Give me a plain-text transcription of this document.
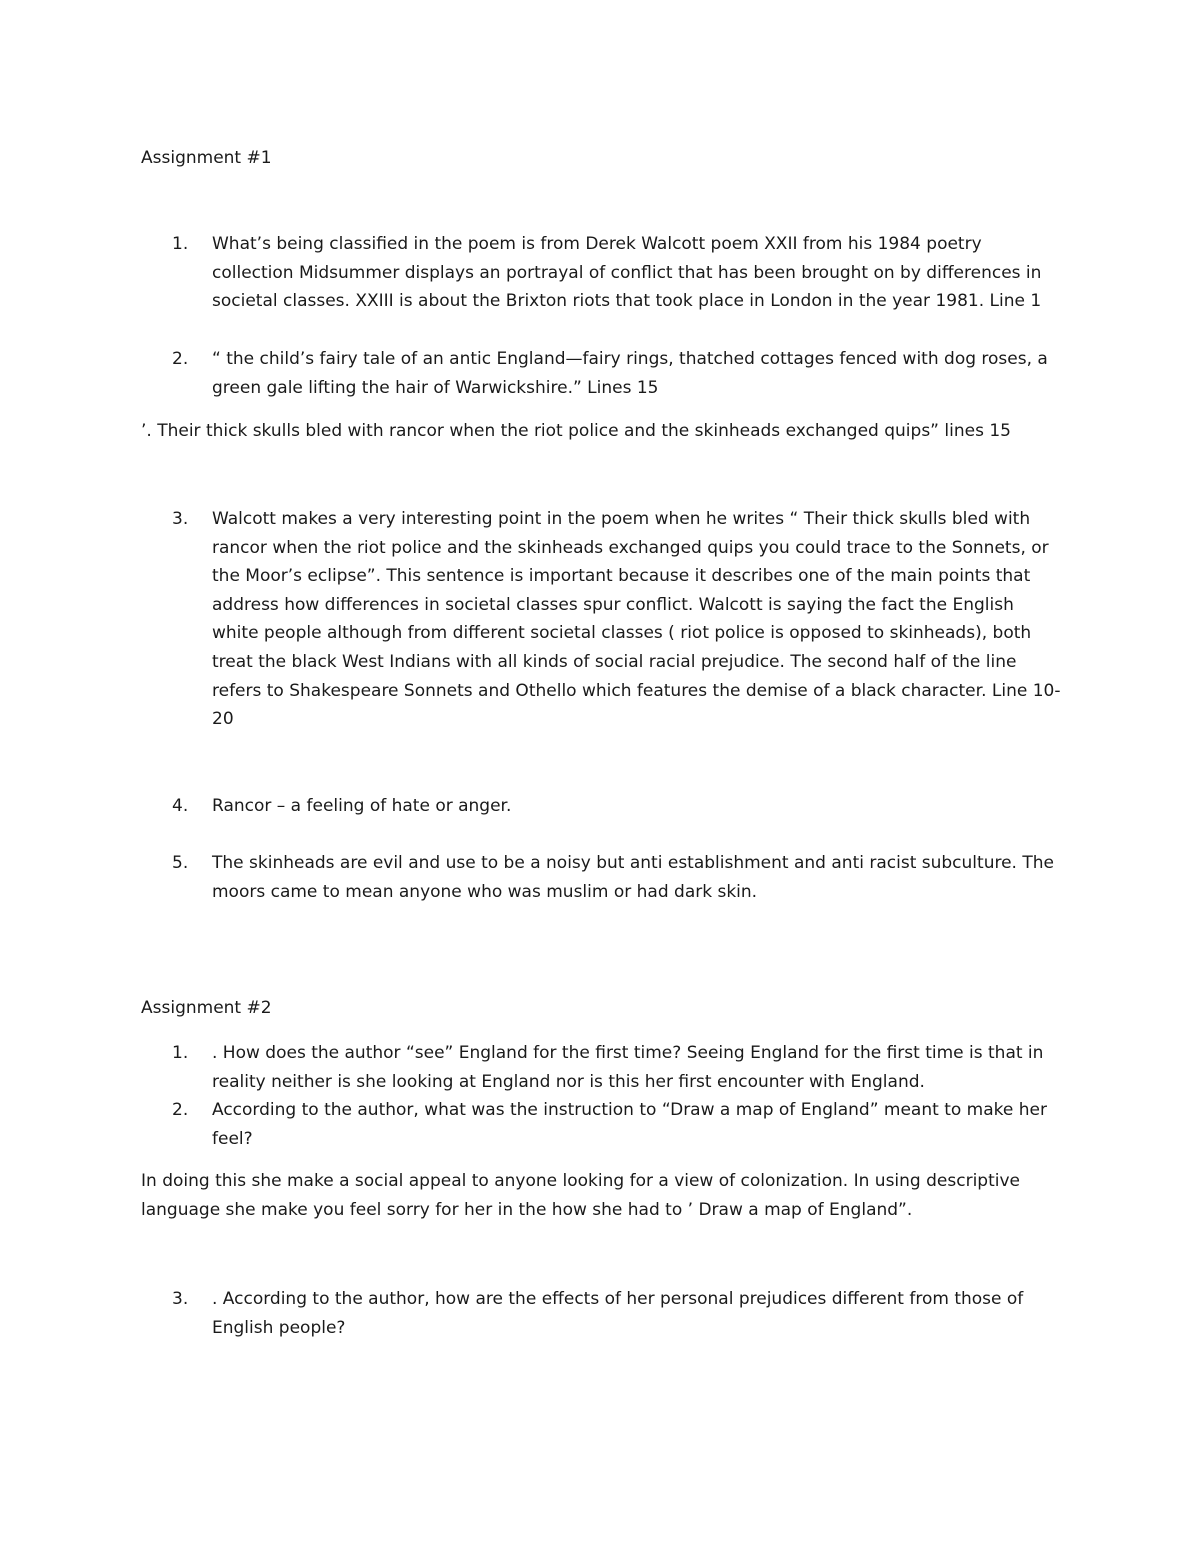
Assignment #1

1.	What’s being classified in the poem is from Derek Walcott poem XXII from his 1984 poetry collection Midsummer displays an portrayal of conflict that has been brought on by differences in societal classes. XXIII is about the Brixton riots that took place in London in the year 1981. Line 1
2.	“ the child’s fairy tale of an antic England—fairy rings, thatched cottages fenced with dog roses, a green gale lifting the hair of Warwickshire.” Lines 15

’. Their thick skulls bled with rancor when the riot police and the skinheads exchanged quips” lines 15

3.	Walcott makes a very interesting point in the poem when he writes “ Their thick skulls bled with rancor when the riot police and the skinheads exchanged quips you could trace to the Sonnets, or the Moor’s eclipse”. This sentence is important because it describes one of the main points that address how differences in societal classes spur conflict. Walcott is saying the fact the English white people although from different societal classes ( riot police is opposed to skinheads), both treat the black West Indians with all kinds of social racial prejudice. The second half of the line refers to Shakespeare Sonnets and Othello which features the demise of a black character. Line 10-20
4.	Rancor – a feeling of hate or anger.
5.	The skinheads are evil and use to be a noisy but anti establishment and anti racist subculture. The moors came to mean anyone who was muslim or had dark skin.

Assignment #2

1.	. How does the author “see” England for the first time? Seeing England for the first time is that in reality neither is she looking at England nor is this her first encounter with England.
2.	According to the author, what was the instruction to “Draw a map of England” meant to make her feel?

In doing this she make a social appeal to anyone looking for a view of colonization. In using descriptive language she make you feel sorry for her in the how she had to ’ Draw a map of England”.

3.	. According to the author, how are the effects of her personal prejudices different from those of English people?
